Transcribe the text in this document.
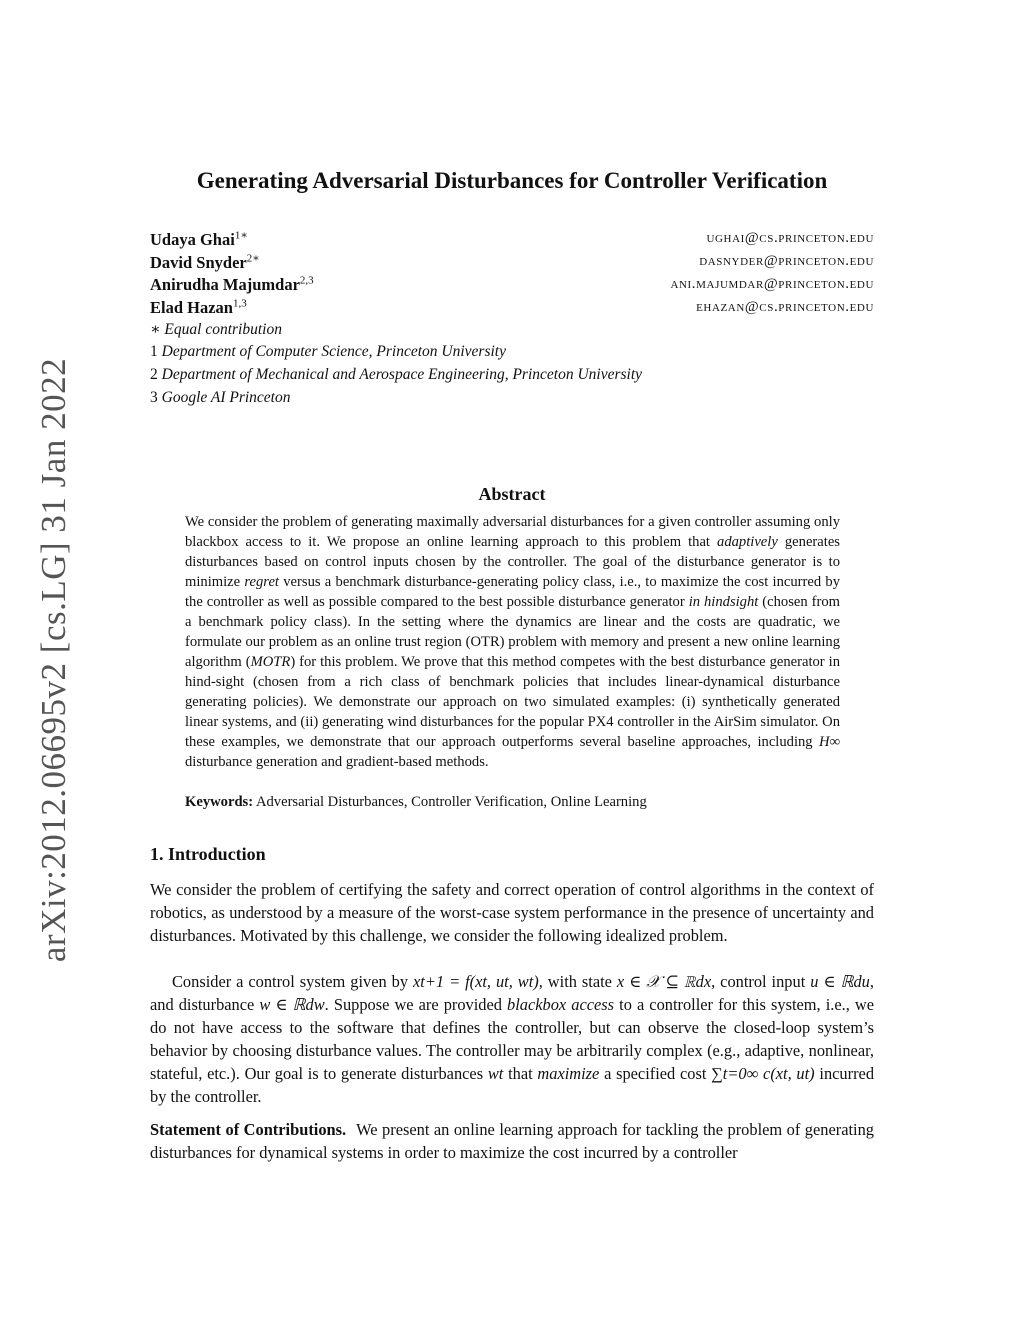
arXiv:2012.06695v2 [cs.LG] 31 Jan 2022
Generating Adversarial Disturbances for Controller Verification
Udaya Ghai$^{1∗}$	ughai@cs.princeton.edu
David Snyder$^{2∗}$	dasnyder@princeton.edu
Anirudha Majumdar$^{2,3}$	ani.majumdar@princeton.edu
Elad Hazan$^{1,3}$	ehazan@cs.princeton.edu
∗ Equal contribution
1 Department of Computer Science, Princeton University
2 Department of Mechanical and Aerospace Engineering, Princeton University
3 Google AI Princeton
Abstract

We consider the problem of generating maximally adversarial disturbances for a given controller assuming only blackbox access to it. We propose an online learning approach to this problem that adaptively generates disturbances based on control inputs chosen by the controller. The goal of the disturbance generator is to minimize regret versus a benchmark disturbance-generating policy class, i.e., to maximize the cost incurred by the controller as well as possible compared to the best possible disturbance generator in hindsight (chosen from a benchmark policy class). In the setting where the dynamics are linear and the costs are quadratic, we formulate our problem as an online trust region (OTR) problem with memory and present a new online learning algorithm (MOTR) for this problem. We prove that this method competes with the best disturbance generator in hind-sight (chosen from a rich class of benchmark policies that includes linear-dynamical disturbance generating policies). We demonstrate our approach on two simulated examples: (i) synthetically generated linear systems, and (ii) generating wind disturbances for the popular PX4 controller in the AirSim simulator. On these examples, we demonstrate that our approach outperforms several baseline approaches, including H∞ disturbance generation and gradient-based methods.

Keywords: Adversarial Disturbances, Controller Verification, Online Learning

1. Introduction

We consider the problem of certifying the safety and correct operation of control algorithms in the context of robotics, as understood by a measure of the worst-case system performance in the presence of uncertainty and disturbances. Motivated by this challenge, we consider the following idealized problem.

Consider a control system given by xt+1 = f(xt, ut, wt), with state x ∈ 𝒳 ⊆ ℝdx, control input u ∈ ℝdu, and disturbance w ∈ ℝdw. Suppose we are provided blackbox access to a controller for this system, i.e., we do not have access to the software that defines the controller, but can observe the closed-loop system’s behavior by choosing disturbance values. The controller may be arbitrarily complex (e.g., adaptive, nonlinear, stateful, etc.). Our goal is to generate disturbances wt that maximize a specified cost ∑t=0∞ c(xt, ut) incurred by the controller.

Statement of Contributions. We present an online learning approach for tackling the problem of generating disturbances for dynamical systems in order to maximize the cost incurred by a controller
